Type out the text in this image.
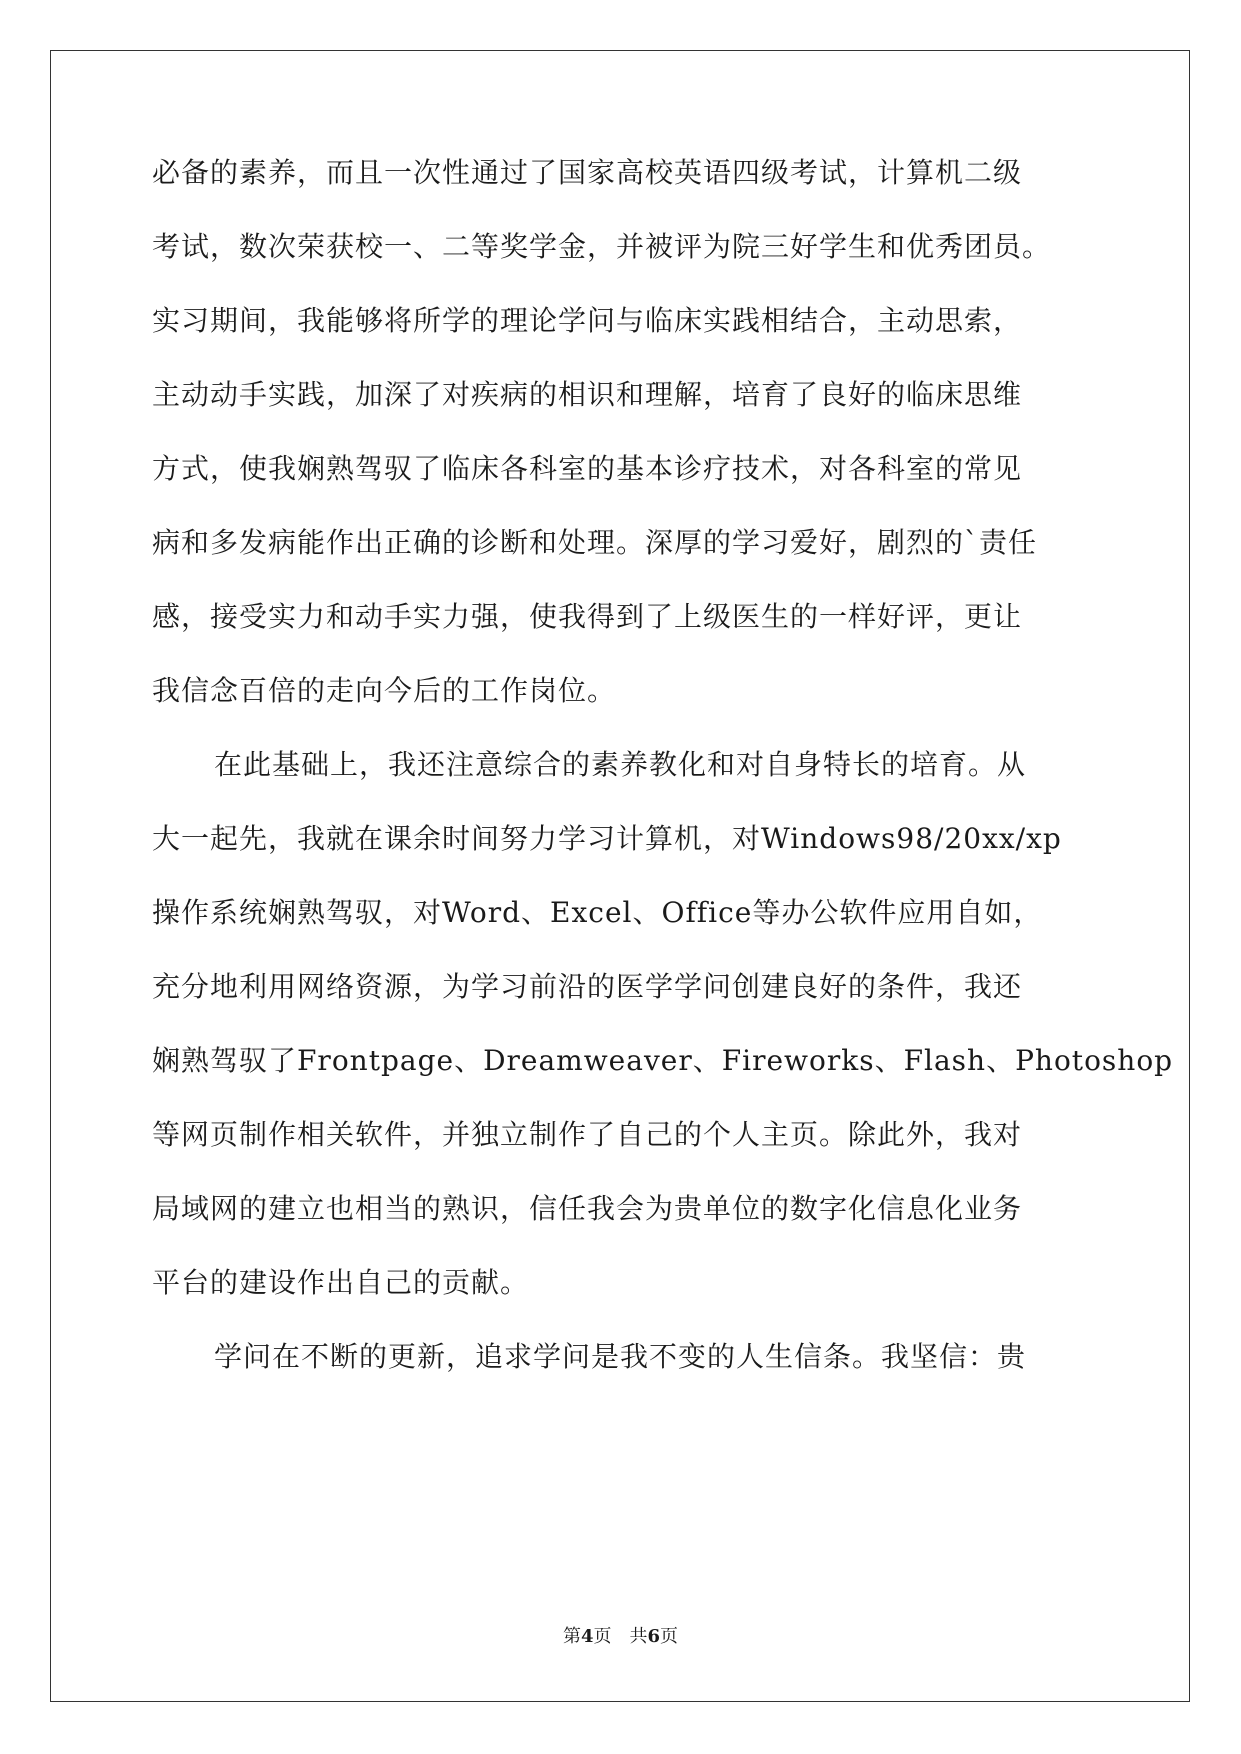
必备的素养，而且一次性通过了国家高校英语四级考试，计算机二级
考试，数次荣获校一、二等奖学金，并被评为院三好学生和优秀团员。
实习期间，我能够将所学的理论学问与临床实践相结合，主动思索，
主动动手实践，加深了对疾病的相识和理解，培育了良好的临床思维
方式，使我娴熟驾驭了临床各科室的基本诊疗技术，对各科室的常见
病和多发病能作出正确的诊断和处理。深厚的学习爱好，剧烈的`责任
感，接受实力和动手实力强，使我得到了上级医生的一样好评，更让
我信念百倍的走向今后的工作岗位。
在此基础上，我还注意综合的素养教化和对自身特长的培育。从
大一起先，我就在课余时间努力学习计算机，对Windows98/20xx/xp
操作系统娴熟驾驭，对Word、Excel、Office等办公软件应用自如，
充分地利用网络资源，为学习前沿的医学学问创建良好的条件，我还
娴熟驾驭了Frontpage、Dreamweaver、Fireworks、Flash、Photoshop
等网页制作相关软件，并独立制作了自己的个人主页。除此外，我对
局域网的建立也相当的熟识，信任我会为贵单位的数字化信息化业务
平台的建设作出自己的贡献。
学问在不断的更新，追求学问是我不变的人生信条。我坚信：贵
第4页　共6页
